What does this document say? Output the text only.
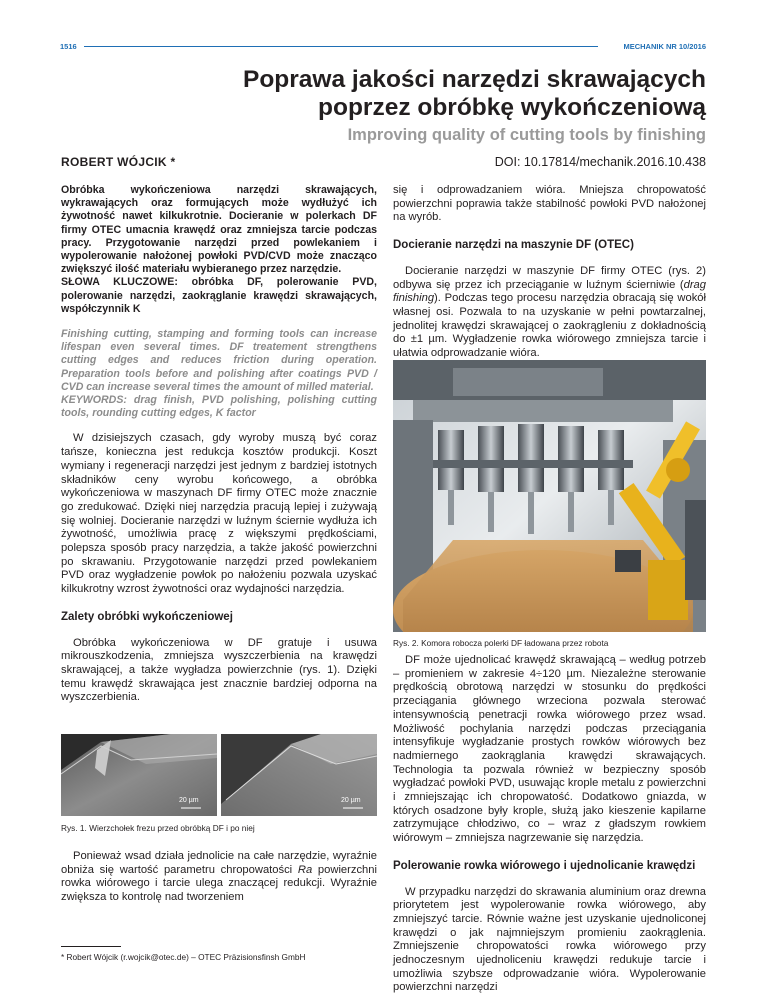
1516	MECHANIK NR 10/2016
Poprawa jakości narzędzi skrawających poprzez obróbkę wykończeniową
Improving quality of cutting tools by finishing
ROBERT WÓJCIK *	DOI: 10.17814/mechanik.2016.10.438
Obróbka wykończeniowa narzędzi skrawających, wykrawających oraz formujących może wydłużyć ich żywotność nawet kilkukrotnie. Docieranie w polerkach DF firmy OTEC umacnia krawędź oraz zmniejsza tarcie podczas pracy. Przygotowanie narzędzi przed powlekaniem i wypolerowanie nałożonej powłoki PVD/CVD może znacząco zwiększyć ilość materiału wybieranego przez narzędzie.
SŁOWA KLUCZOWE: obróbka DF, polerowanie PVD, polerowanie narzędzi, zaokrąglanie krawędzi skrawających, współczynnik K
Finishing cutting, stamping and forming tools can increase lifespan even several times. DF treatement strengthens cutting edges and reduces friction during operation. Preparation tools before and polishing after coatings PVD / CVD can increase several times the amount of milled material.
KEYWORDS: drag finish, PVD polishing, polishing cutting tools, rounding cutting edges, K factor

W dzisiejszych czasach, gdy wyroby muszą być coraz tańsze, konieczna jest redukcja kosztów produkcji. Koszt wymiany i regeneracji narzędzi jest jednym z bardziej istotnych składników ceny wyrobu końcowego, a obróbka wykończeniowa w maszynach DF firmy OTEC może znacznie go zredukować. Dzięki niej narzędzia pracują lepiej i zużywają się wolniej. Docieranie narzędzi w luźnym ściernie wydłuża ich żywotność, umożliwia pracę z większymi prędkościami, polepsza sposób pracy narzędzia, a także jakość powierzchni po skrawaniu. Przygotowanie narzędzi przed powlekaniem PVD oraz wygładzenie powłok po nałożeniu pozwala uzyskać kilkukrotny wzrost żywotności oraz wydajności narzędzia.

Zalety obróbki wykończeniowej

Obróbka wykończeniowa w DF gratuje i usuwa mikrouszkodzenia, zmniejsza wyszczerbienia na krawędzi skrawającej, a także wygładza powierzchnie (rys. 1). Dzięki temu krawędź skrawająca jest znacznie bardziej odporna na wyszczerbienia.

20 µm	20 µm
Rys. 1. Wierzchołek frezu przed obróbką DF i po niej

Ponieważ wsad działa jednolicie na całe narzędzie, wyraźnie obniża się wartość parametru chropowatości Ra powierzchni rowka wiórowego i tarcie ulega znaczącej redukcji. Wyraźnie zwiększa to kontrolę nad tworzeniem

* Robert Wójcik (r.wojcik@otec.de) – OTEC Präzisionsfinsh GmbH

się i odprowadzaniem wióra. Mniejsza chropowatość powierzchni poprawia także stabilność powłoki PVD nałożonej na wyrób.

Docieranie narzędzi na maszynie DF (OTEC)

Docieranie narzędzi w maszynie DF firmy OTEC (rys. 2) odbywa się przez ich przeciąganie w luźnym ścierniwie (drag finishing). Podczas tego procesu narzędzia obracają się wokół własnej osi. Pozwala to na uzyskanie w pełni powtarzalnej, jednolitej krawędzi skrawającej o zaokrągleniu z dokładnością do ±1 µm. Wygładzenie rowka wiórowego zmniejsza tarcie i ułatwia odprowadzanie wióra.

Rys. 2. Komora robocza polerki DF ładowana przez robota

DF może ujednolicać krawędź skrawającą – według potrzeb – promieniem w zakresie 4÷120 µm. Niezależne sterowanie prędkością obrotową narzędzi w stosunku do prędkości przeciągania głównego wrzeciona pozwala sterować intensywnością penetracji rowka wiórowego przez wsad. Możliwość pochylania narzędzi podczas przeciągania intensyfikuje wygładzanie prostych rowków wiórowych bez nadmiernego zaokrąglania krawędzi skrawających. Technologia ta pozwala również w bezpieczny sposób wygładzać powłoki PVD, usuwając krople metalu z powierzchni i zmniejszając ich chropowatość. Dodatkowo gniazda, w których osadzone były krople, służą jako kieszenie kapilarne zatrzymujące chłodziwo, co – wraz z gładszym rowkiem wiórowym – zmniejsza nagrzewanie się narzędzia.

Polerowanie rowka wiórowego i ujednolicanie krawędzi

W przypadku narzędzi do skrawania aluminium oraz drewna priorytetem jest wypolerowanie rowka wiórowego, aby zmniejszyć tarcie. Równie ważne jest uzyskanie ujednoliconej krawędzi o jak najmniejszym promieniu zaokrąglenia. Zmniejszenie chropowatości rowka wiórowego przy jednoczesnym ujednoliceniu krawędzi redukuje tarcie i umożliwia szybsze odprowadzanie wióra. Wypolerowanie powierzchni narzędzi
